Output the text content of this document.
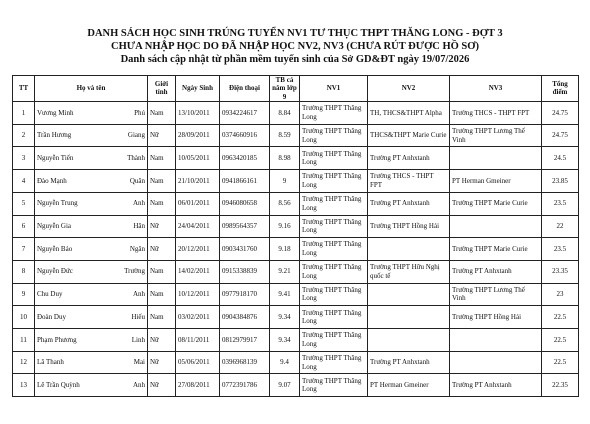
DANH SÁCH HỌC SINH TRÚNG TUYỂN NV1 TƯ THỤC THPT THĂNG LONG - ĐỢT 3
CHƯA NHẬP HỌC DO ĐÃ NHẬP HỌC NV2, NV3 (CHƯA RÚT ĐƯỢC HỒ SƠ)
Danh sách cập nhật từ phần mềm tuyển sinh của Sở GD&ĐT ngày 19/07/2026
TT	Họ và tên	Giới tính	Ngày Sinh	Điện thoại	TB cả năm lớp 9	NV1	NV2	NV3	Tổng điểm
1	Vương Minh Phú	Nam	13/10/2011	0934224617	8.84	Trường THPT Thăng Long	TH, THCS&THPT Alpha	Trường THCS - THPT FPT	24.75
2	Trần Hương Giang	Nữ	28/09/2011	0374660916	8.59	Trường THPT Thăng Long	THCS&THPT Marie Curie	Trường THPT Lương Thế Vinh	24.75
3	Nguyễn Tiến Thành	Nam	10/05/2011	0963420185	8.98	Trường THPT Thăng Long	Trường PT Anhxtanh		24.5
4	Đào Mạnh Quân	Nam	21/10/2011	0941866161	9	Trường THPT Thăng Long	Trường THCS - THPT FPT	PT Herman Gmeiner	23.85
5	Nguyễn Trung Anh	Nam	06/01/2011	0946080658	8.56	Trường THPT Thăng Long	Trường PT Anhxtanh	Trường THPT Marie Curie	23.5
6	Nguyễn Gia Hân	Nữ	24/04/2011	0989564357	9.16	Trường THPT Thăng Long	Trường THPT Hồng Hải		22
7	Nguyễn Bảo Ngân	Nữ	20/12/2011	0903431760	9.18	Trường THPT Thăng Long		Trường THPT Marie Curie	23.5
8	Nguyễn Đức Trường	Nam	14/02/2011	0915338839	9.21	Trường THPT Thăng Long	Trường THPT Hữu Nghị quốc tế	Trường PT Anhxtanh	23.35
9	Chu Duy Anh	Nam	10/12/2011	0977918170	9.41	Trường THPT Thăng Long		Trường THPT Lương Thế Vinh	23
10	Đoàn Duy Hiếu	Nam	03/02/2011	0904384876	9.34	Trường THPT Thăng Long		Trường THPT Hồng Hải	22.5
11	Phạm Phương Linh	Nữ	08/11/2011	0812979917	9.34	Trường THPT Thăng Long			22.5
12	Lã Thanh Mai	Nữ	05/06/2011	0396968139	9.4	Trường THPT Thăng Long	Trường PT Anhxtanh		22.5
13	Lê Trần Quỳnh Anh	Nữ	27/08/2011	0772391786	9.07	Trường THPT Thăng Long	PT Herman Gmeiner	Trường PT Anhxtanh	22.35
